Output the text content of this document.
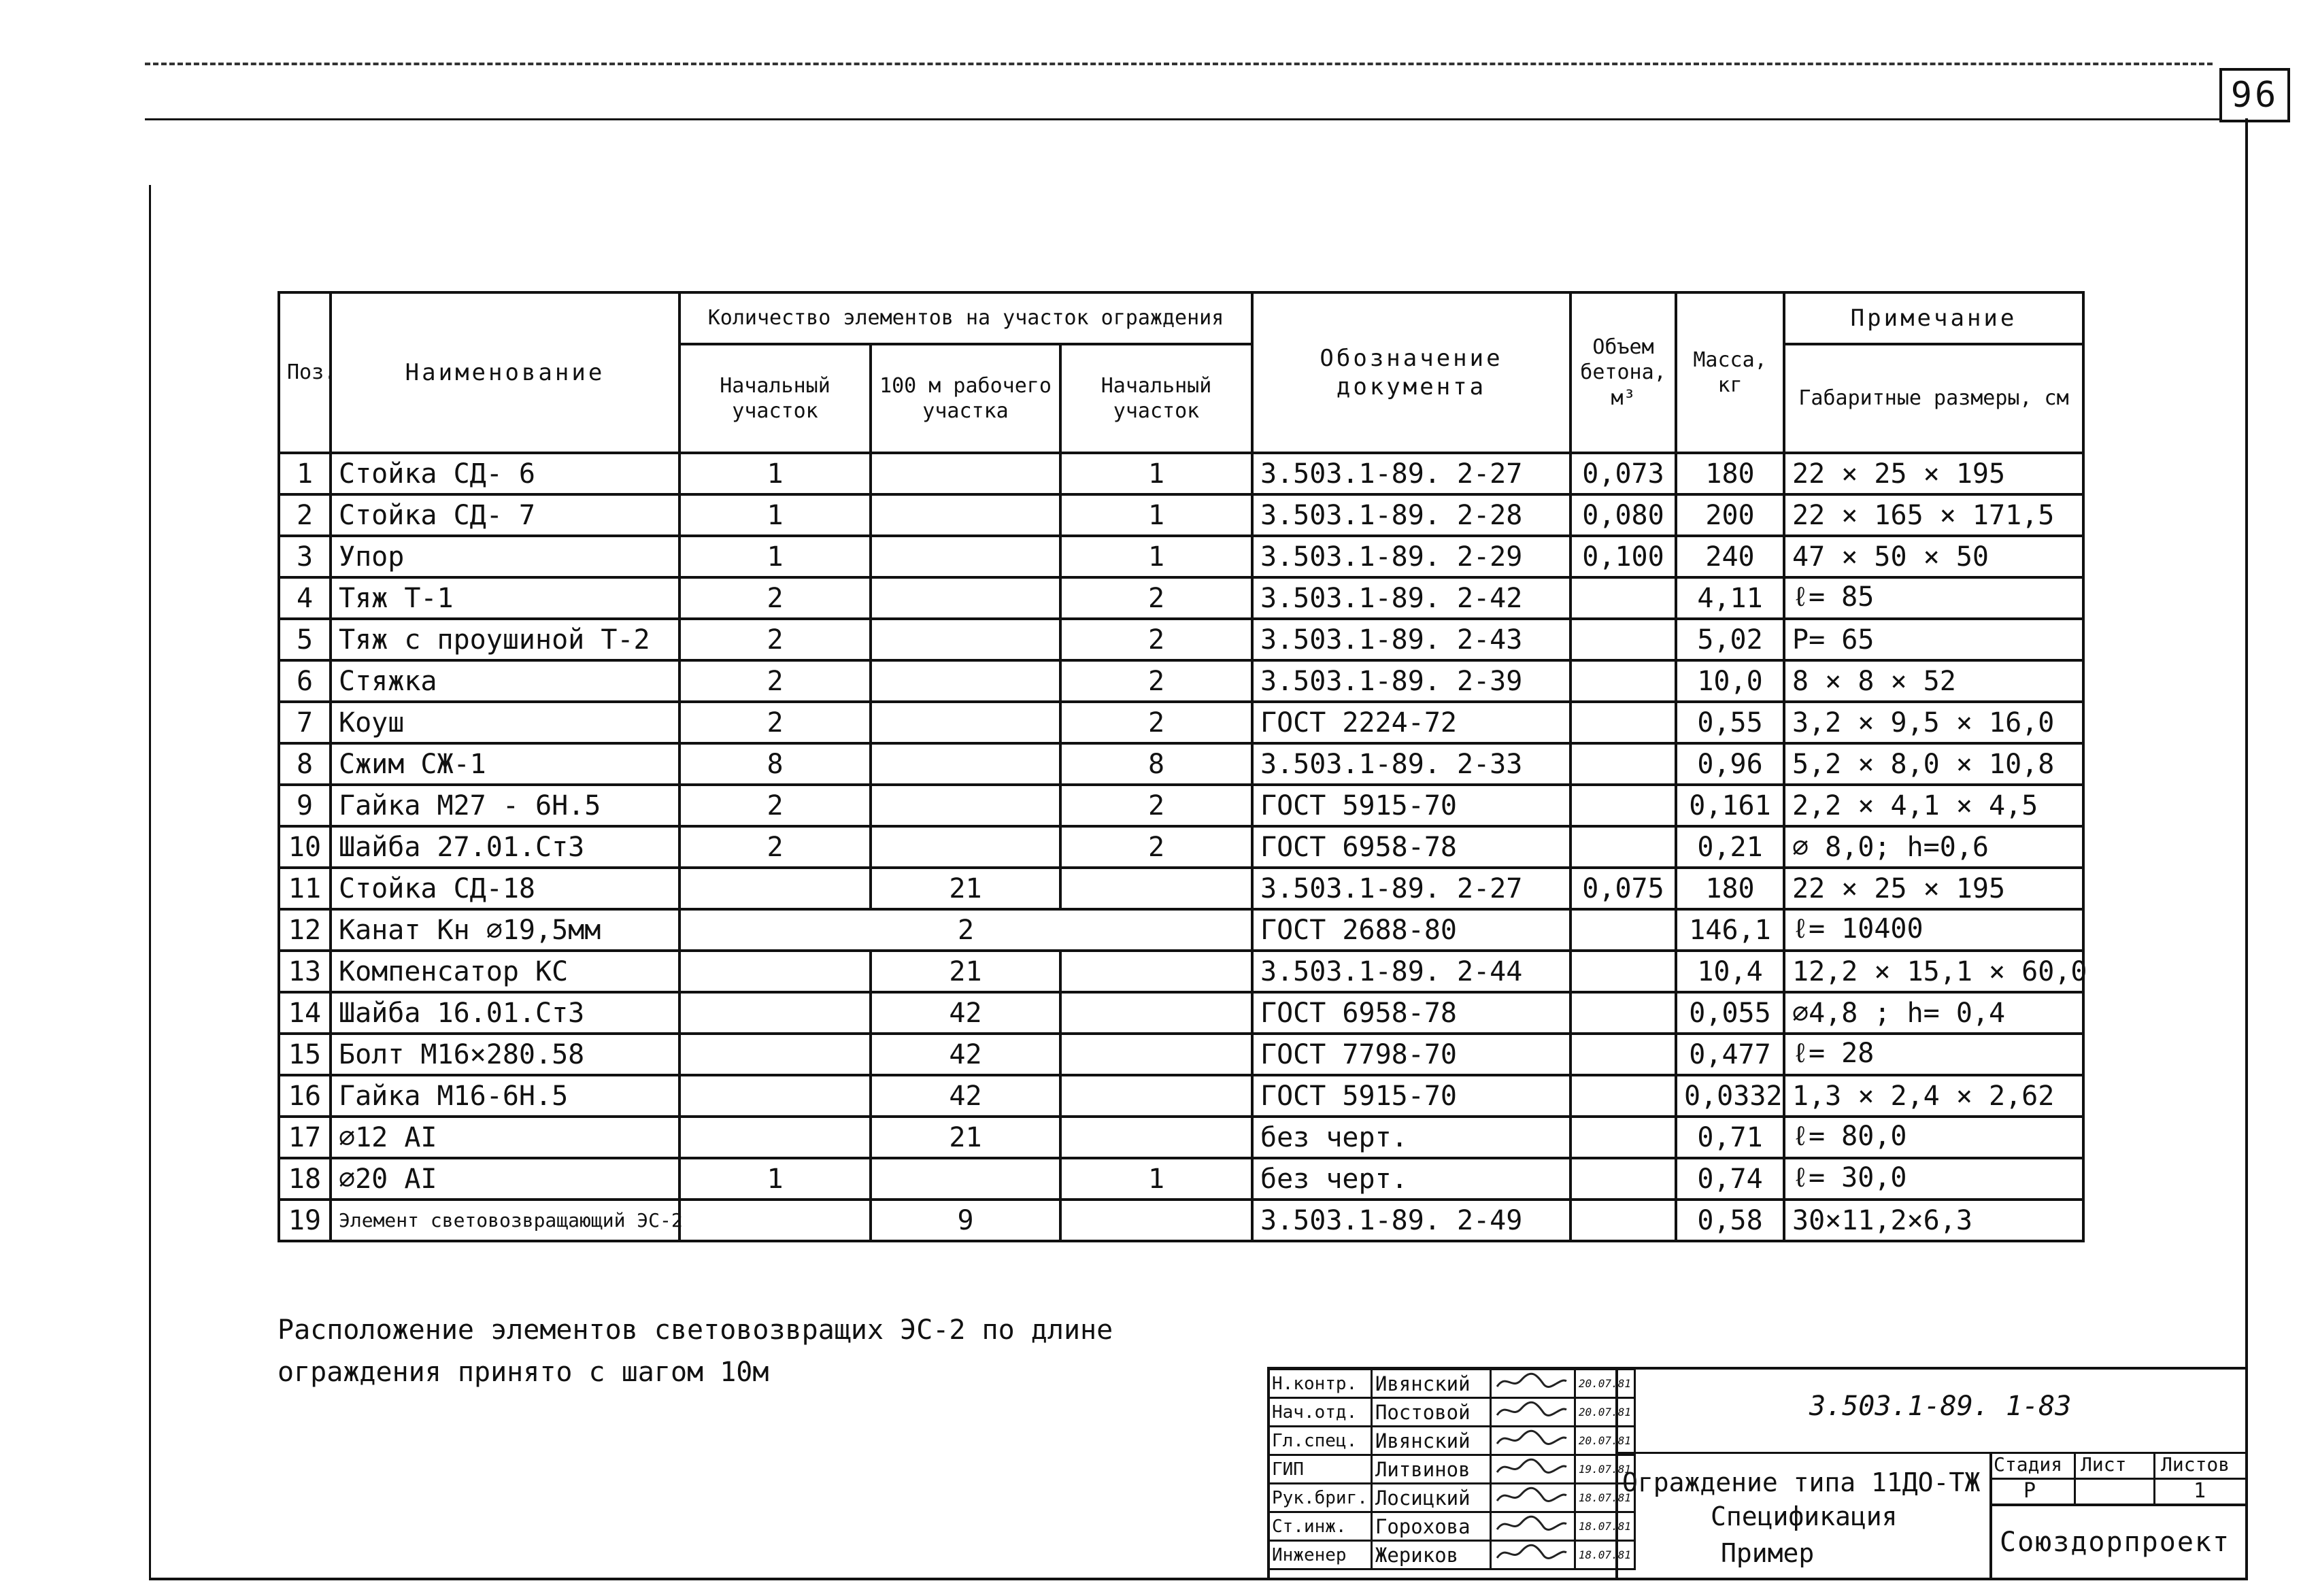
96
Поз.	Наименование	Количество элементов на участок ограждения			Обозначение документа	Объем бетона, м³	Масса, кг	Примечание
		Начальный участок	100 м рабочего участка	Начальный участок				Габаритные размеры, см
1	Стойка СД- 6	1		1	3.503.1-89. 2-27	0,073	180	22 × 25 × 195
2	Стойка СД- 7	1		1	3.503.1-89. 2-28	0,080	200	22 × 165 × 171,5
3	Упор	1		1	3.503.1-89. 2-29	0,100	240	47 × 50 × 50
4	Тяж Т-1	2		2	3.503.1-89. 2-42		4,11	ℓ= 85
5	Тяж с проушиной Т-2	2		2	3.503.1-89. 2-43		5,02	P= 65
6	Стяжка	2		2	3.503.1-89. 2-39		10,0	8 × 8 × 52
7	Коуш	2		2	ГОСТ 2224-72		0,55	3,2 × 9,5 × 16,0
8	Сжим СЖ-1	8		8	3.503.1-89. 2-33		0,96	5,2 × 8,0 × 10,8
9	Гайка М27 - 6Н.5	2		2	ГОСТ 5915-70		0,161	2,2 × 4,1 × 4,5
10	Шайба 27.01.Ст3	2		2	ГОСТ 6958-78		0,21	⌀ 8,0; h=0,6
11	Стойка СД-18		21		3.503.1-89. 2-27	0,075	180	22 × 25 × 195
12	Канат Кн ⌀19,5мм	2			ГОСТ 2688-80		146,1	ℓ= 10400
13	Компенсатор КС		21		3.503.1-89. 2-44		10,4	12,2 × 15,1 × 60,0
14	Шайба 16.01.Ст3		42		ГОСТ 6958-78		0,055	⌀4,8 ; h= 0,4
15	Болт М16×280.58		42		ГОСТ 7798-70		0,477	ℓ= 28
16	Гайка М16-6Н.5		42		ГОСТ 5915-70		0,0332	1,3 × 2,4 × 2,62
17	⌀12 AI		21		без черт.		0,71	ℓ= 80,0
18	⌀20 AI	1		1	без черт.		0,74	ℓ= 30,0
19	Элемент световозвращающий ЭС-2		9		3.503.1-89. 2-49		0,58	30×11,2×6,3
Расположение элементов световозвращих ЭС-2 по длине
ограждения принято с шагом 10м	Н.контр.	Ивянский		20.07.81
Нач.отд.	Постовой		20.07.81
Гл.спец.	Ивянский		20.07.81
ГИП	Литвинов		19.07.81
Рук.бриг.	Лосицкий		18.07.81
Ст.инж.	Горохова		18.07.81
Инженер	Жериков		18.07.81
3.503.1-89. 1-83
Ограждение типа 11ДО-ТЖ
Спецификация
Пример
Стадия Лист Листов
Р	1
Союздорпроект
